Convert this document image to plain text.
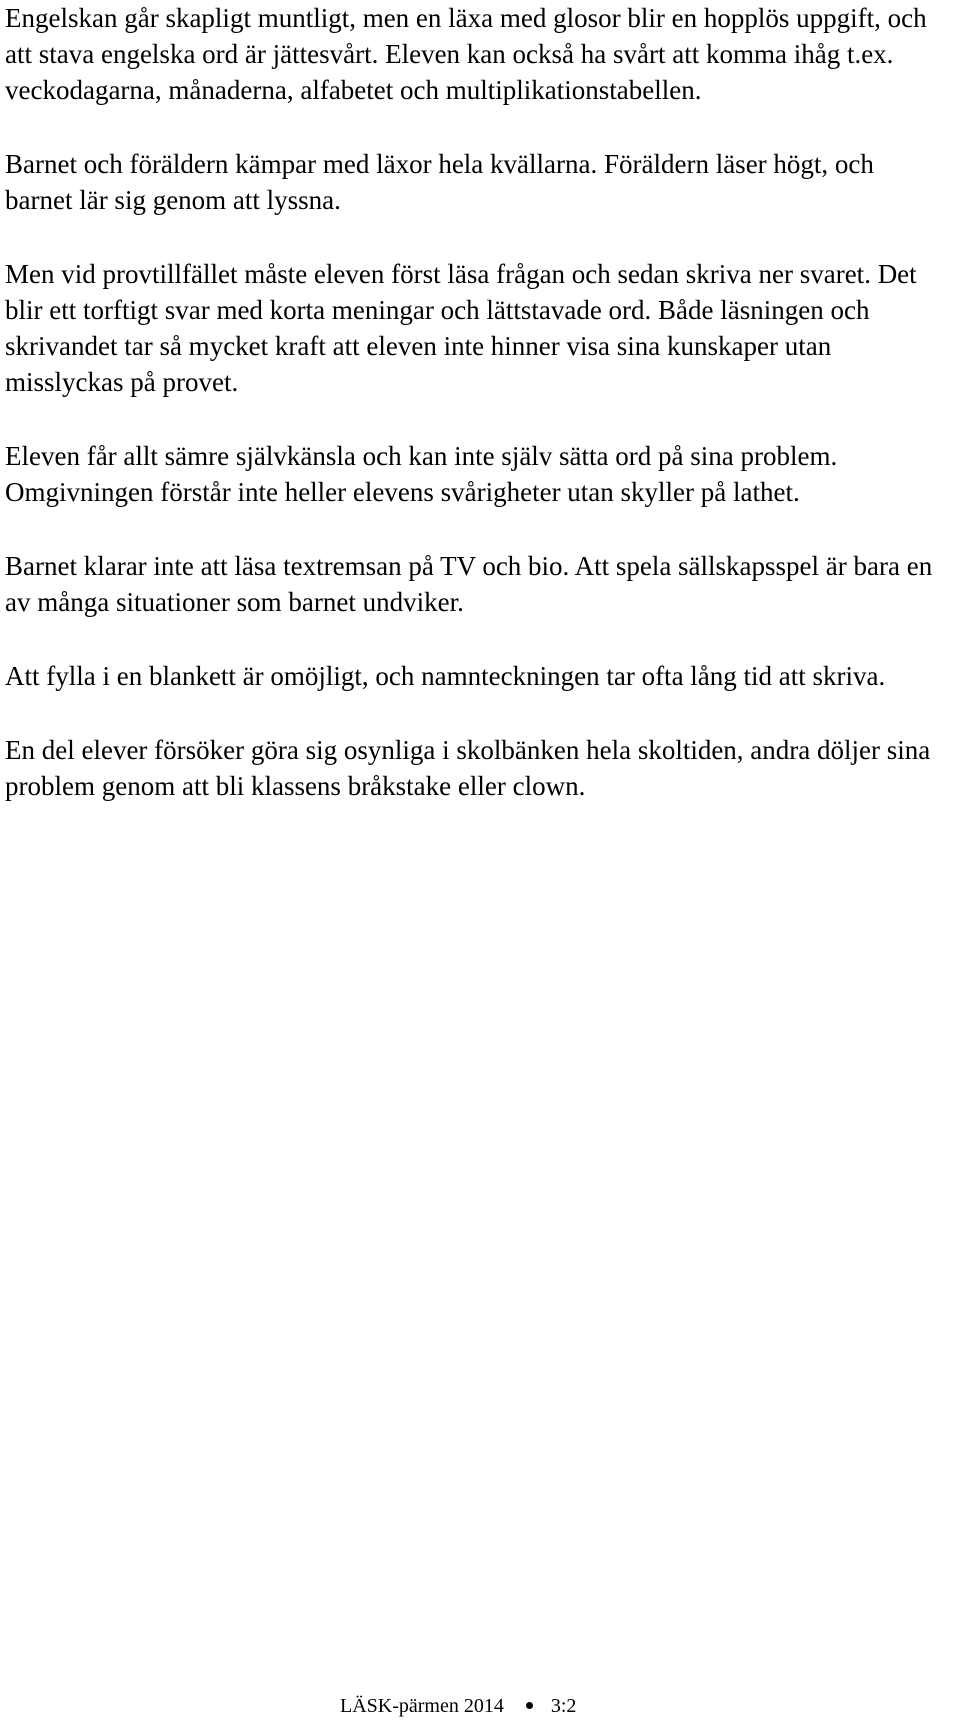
Engelskan går skapligt muntligt, men en läxa med glosor blir en hopplös uppgift, och att stava engelska ord är jättesvårt. Eleven kan också ha svårt att komma ihåg t.ex. veckodagarna, månaderna, alfabetet och multiplikationstabellen.

Barnet och föräldern kämpar med läxor hela kvällarna. Föräldern läser högt, och barnet lär sig genom att lyssna.

Men vid provtillfället måste eleven först läsa frågan och sedan skriva ner svaret. Det blir ett torftigt svar med korta meningar och lättstavade ord. Både läsningen och skrivandet tar så mycket kraft att eleven inte hinner visa sina kunskaper utan misslyckas på provet.

Eleven får allt sämre självkänsla och kan inte själv sätta ord på sina problem. Omgivningen förstår inte heller elevens svårigheter utan skyller på lathet.

Barnet klarar inte att läsa textremsan på TV och bio. Att spela sällskapsspel är bara en av många situationer som barnet undviker.

Att fylla i en blankett är omöjligt, och namnteckningen tar ofta lång tid att skriva.

En del elever försöker göra sig osynliga i skolbänken hela skoltiden, andra döljer sina problem genom att bli klassens bråkstake eller clown.

LÄSK-pärmen 2014 3:2
